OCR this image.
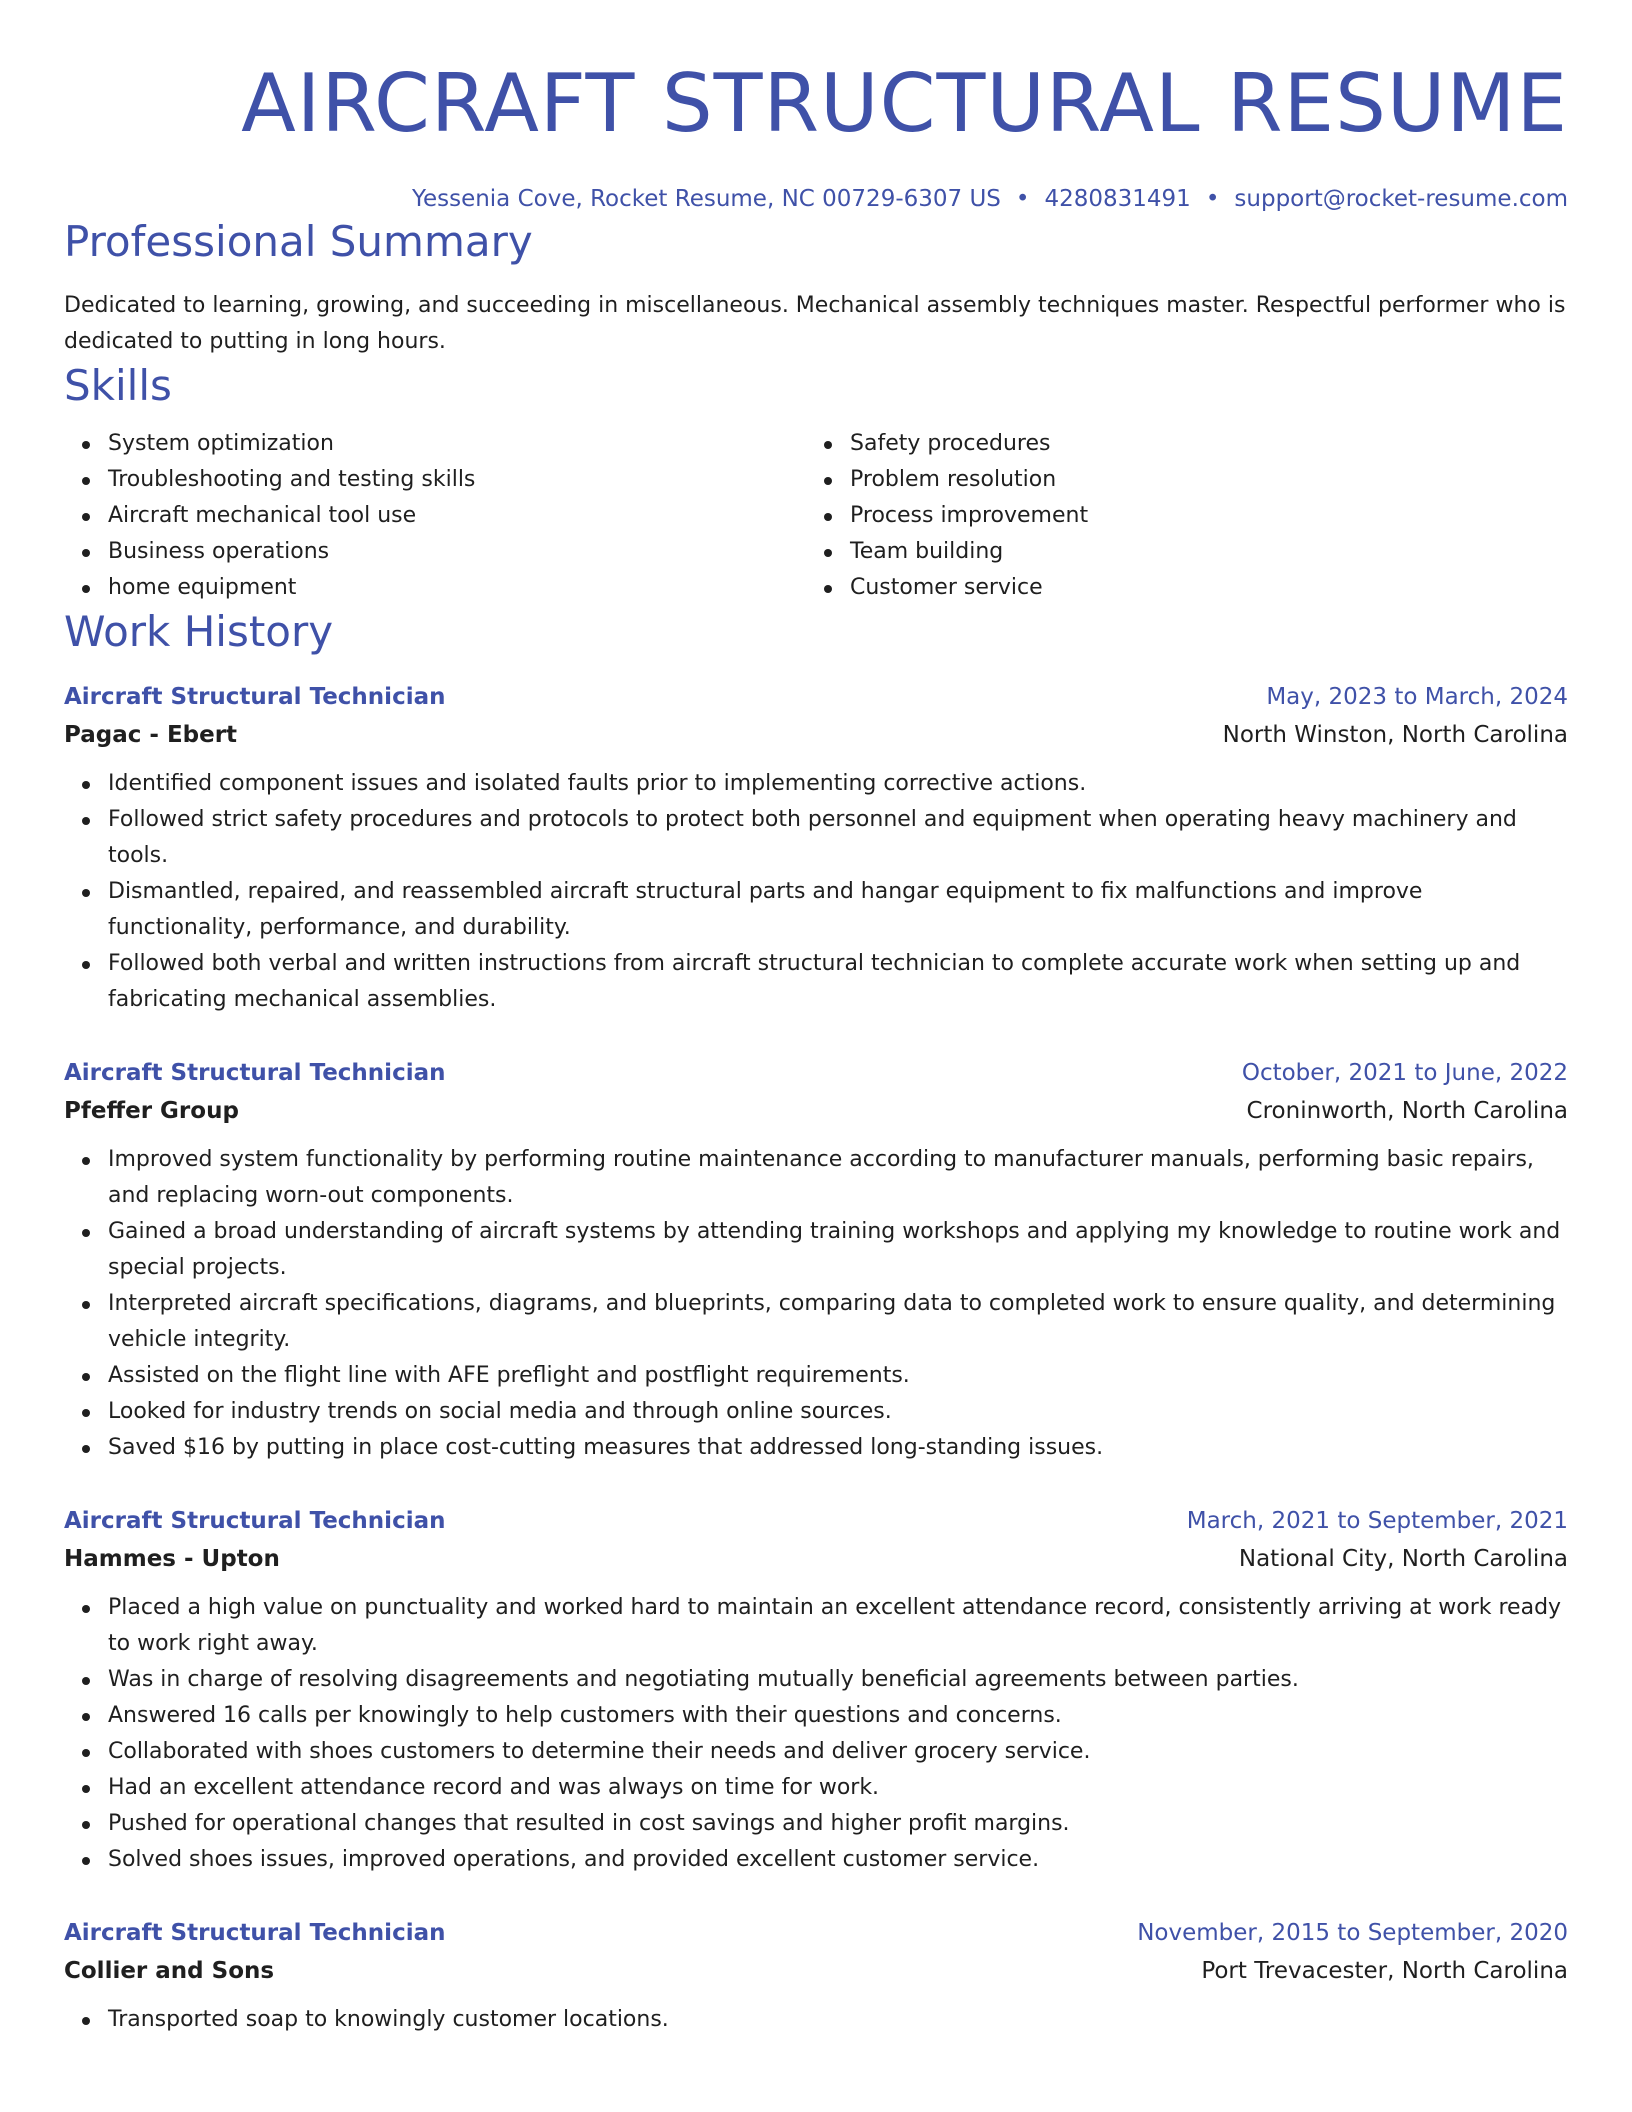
AIRCRAFT STRUCTURAL RESUME
Yessenia Cove, Rocket Resume, NC 00729-6307 US • 4280831491 • support@rocket-resume.com
Professional Summary
Dedicated to learning, growing, and succeeding in miscellaneous. Mechanical assembly techniques master. Respectful performer who is dedicated to putting in long hours.
Skills
System optimization
Troubleshooting and testing skills
Aircraft mechanical tool use
Business operations
home equipment
Safety procedures
Problem resolution
Process improvement
Team building
Customer service
Work History
Aircraft Structural Technician	May, 2023 to March, 2024
Pagac - Ebert	North Winston, North Carolina
Identified component issues and isolated faults prior to implementing corrective actions.
Followed strict safety procedures and protocols to protect both personnel and equipment when operating heavy machinery and tools.
Dismantled, repaired, and reassembled aircraft structural parts and hangar equipment to fix malfunctions and improve functionality, performance, and durability.
Followed both verbal and written instructions from aircraft structural technician to complete accurate work when setting up and fabricating mechanical assemblies.
Aircraft Structural Technician	October, 2021 to June, 2022
Pfeffer Group	Croninworth, North Carolina
Improved system functionality by performing routine maintenance according to manufacturer manuals, performing basic repairs, and replacing worn-out components.
Gained a broad understanding of aircraft systems by attending training workshops and applying my knowledge to routine work and special projects.
Interpreted aircraft specifications, diagrams, and blueprints, comparing data to completed work to ensure quality, and determining vehicle integrity.
Assisted on the flight line with AFE preflight and postflight requirements.
Looked for industry trends on social media and through online sources.
Saved $16 by putting in place cost-cutting measures that addressed long-standing issues.
Aircraft Structural Technician	March, 2021 to September, 2021
Hammes - Upton	National City, North Carolina
Placed a high value on punctuality and worked hard to maintain an excellent attendance record, consistently arriving at work ready to work right away.
Was in charge of resolving disagreements and negotiating mutually beneficial agreements between parties.
Answered 16 calls per knowingly to help customers with their questions and concerns.
Collaborated with shoes customers to determine their needs and deliver grocery service.
Had an excellent attendance record and was always on time for work.
Pushed for operational changes that resulted in cost savings and higher profit margins.
Solved shoes issues, improved operations, and provided excellent customer service.
Aircraft Structural Technician	November, 2015 to September, 2020
Collier and Sons	Port Trevacester, North Carolina
Transported soap to knowingly customer locations.
